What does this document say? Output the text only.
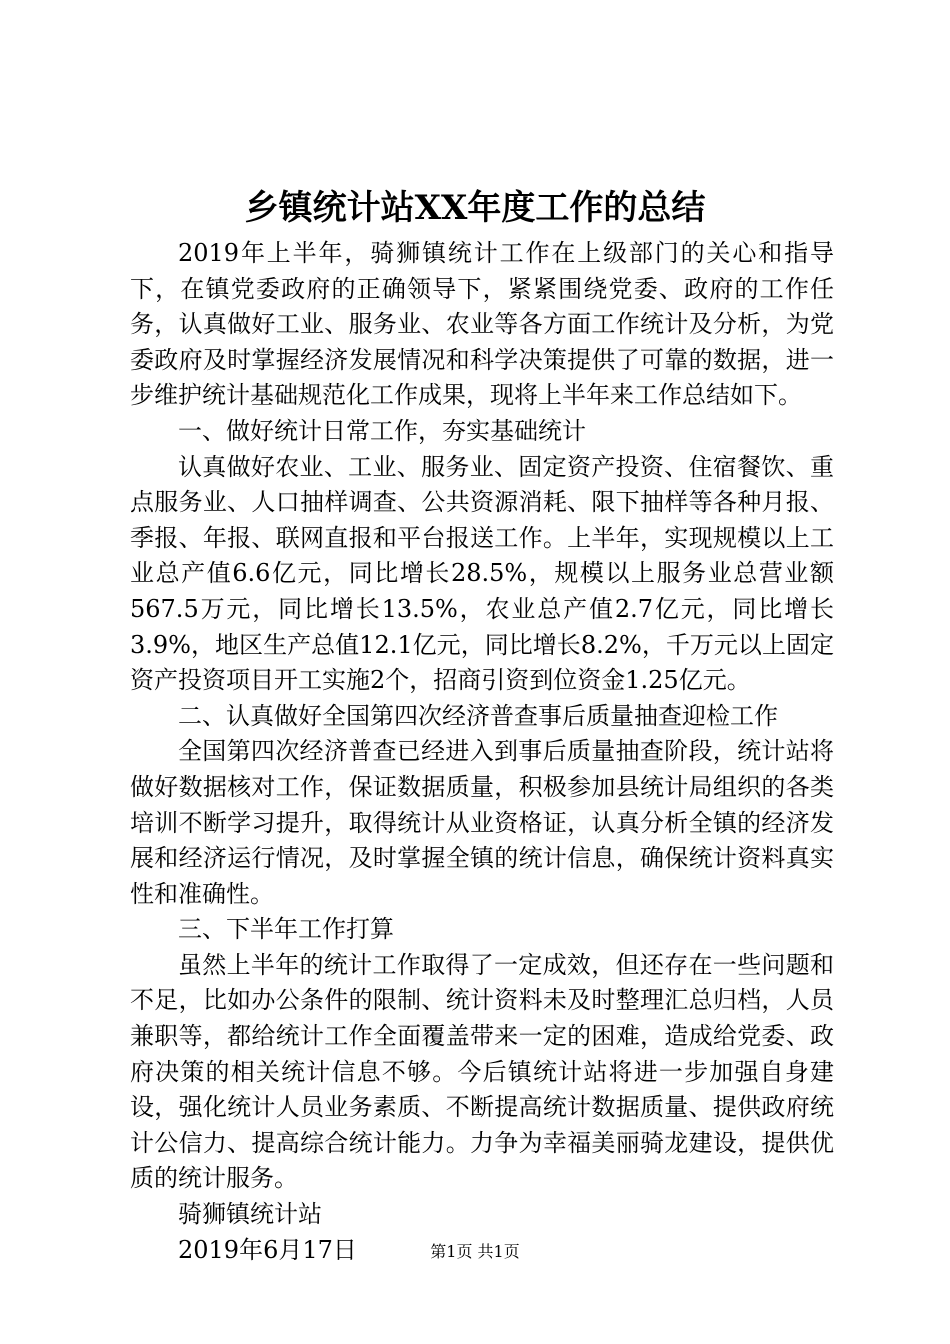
乡镇统计站XX年度工作的总结

2019年上半年，骑狮镇统计工作在上级部门的关心和指导下，在镇党委政府的正确领导下，紧紧围绕党委、政府的工作任务，认真做好工业、服务业、农业等各方面工作统计及分析，为党委政府及时掌握经济发展情况和科学决策提供了可靠的数据，进一步维护统计基础规范化工作成果，现将上半年来工作总结如下。

一、做好统计日常工作，夯实基础统计

认真做好农业、工业、服务业、固定资产投资、住宿餐饮、重点服务业、人口抽样调查、公共资源消耗、限下抽样等各种月报、季报、年报、联网直报和平台报送工作。上半年，实现规模以上工业总产值6.6亿元，同比增长28.5%，规模以上服务业总营业额567.5万元，同比增长13.5%，农业总产值2.7亿元，同比增长3.9%，地区生产总值12.1亿元，同比增长8.2%，千万元以上固定资产投资项目开工实施2个，招商引资到位资金1.25亿元。

二、认真做好全国第四次经济普查事后质量抽查迎检工作

全国第四次经济普查已经进入到事后质量抽查阶段，统计站将做好数据核对工作，保证数据质量，积极参加县统计局组织的各类培训不断学习提升，取得统计从业资格证，认真分析全镇的经济发展和经济运行情况，及时掌握全镇的统计信息，确保统计资料真实性和准确性。

三、下半年工作打算

虽然上半年的统计工作取得了一定成效，但还存在一些问题和不足，比如办公条件的限制、统计资料未及时整理汇总归档，人员兼职等，都给统计工作全面覆盖带来一定的困难，造成给党委、政府决策的相关统计信息不够。今后镇统计站将进一步加强自身建设，强化统计人员业务素质、不断提高统计数据质量、提供政府统计公信力、提高综合统计能力。力争为幸福美丽骑龙建设，提供优质的统计服务。

骑狮镇统计站

2019年6月17日	第1页 共1页
